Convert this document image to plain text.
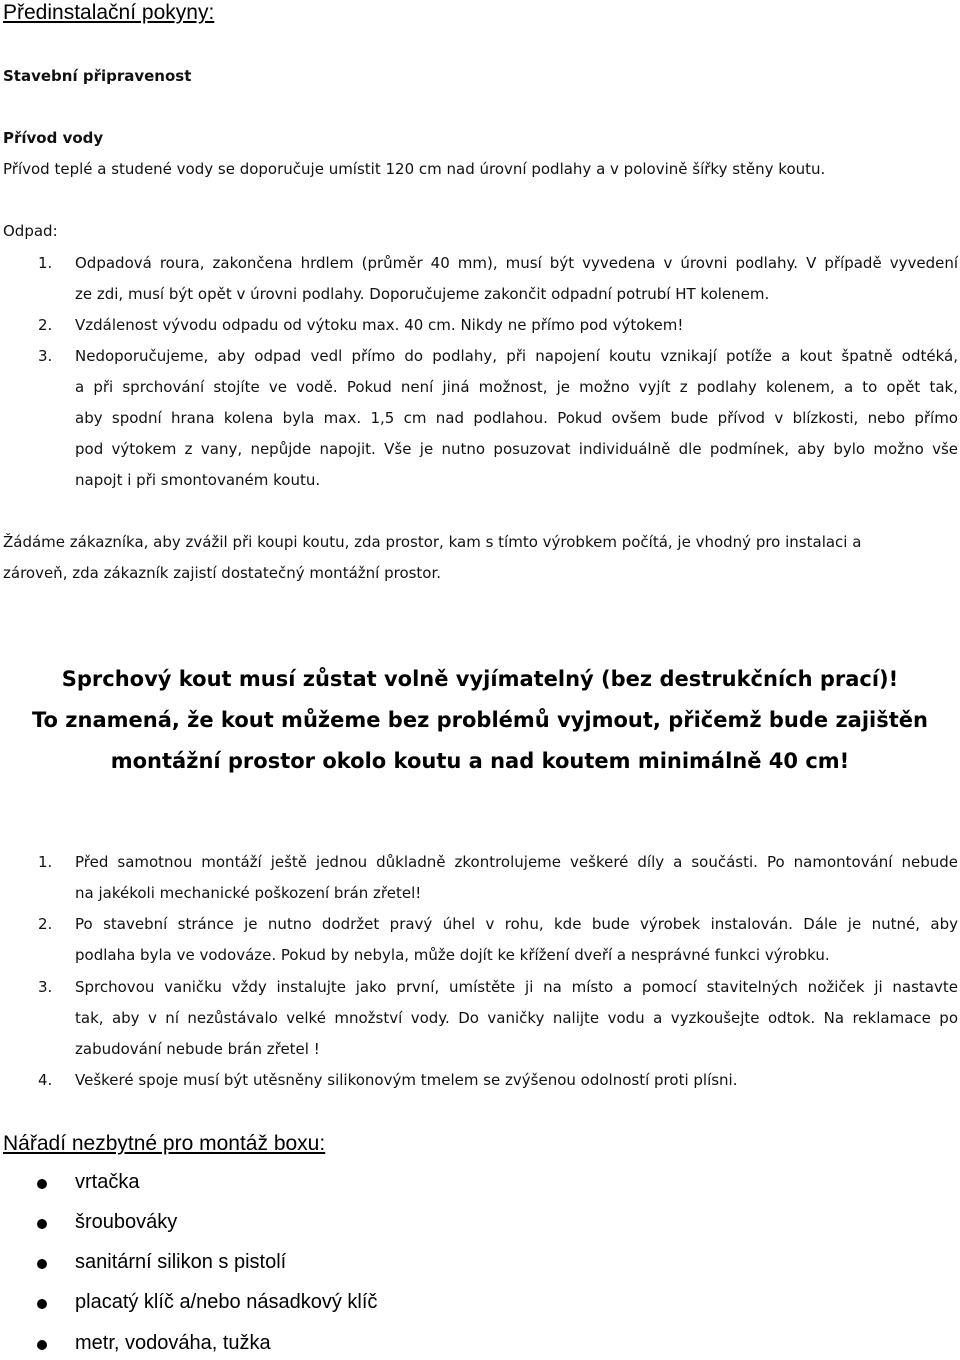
Předinstalační pokyny:
Stavební připravenost
Přívod vody
Přívod teplé a studené vody se doporučuje umístit 120 cm nad úrovní podlahy a v polovině šířky stěny koutu.
Odpad:
1.	Odpadová roura, zakončena hrdlem (průměr 40 mm), musí být vyvedena v úrovni podlahy. V případě vyvedení
ze zdi, musí být opět v úrovni podlahy. Doporučujeme zakončit odpadní potrubí HT kolenem.
2.	Vzdálenost vývodu odpadu od výtoku max. 40 cm. Nikdy ne přímo pod výtokem!
3.	Nedoporučujeme, aby odpad vedl přímo do podlahy, při napojení koutu vznikají potíže a kout špatně odtéká,
a při sprchování stojíte ve vodě. Pokud není jiná možnost, je možno vyjít z podlahy kolenem, a to opět tak,
aby spodní hrana kolena byla max. 1,5 cm nad podlahou. Pokud ovšem bude přívod v blízkosti, nebo přímo
pod výtokem z vany, nepůjde napojit. Vše je nutno posuzovat individuálně dle podmínek, aby bylo možno vše
napojt i při smontovaném koutu.
Žádáme zákazníka, aby zvážil při koupi koutu, zda prostor, kam s tímto výrobkem počítá, je vhodný pro instalaci a
zároveň, zda zákazník zajistí dostatečný montážní prostor.
Sprchový kout musí zůstat volně vyjímatelný (bez destrukčních prací)!
To znamená, že kout můžeme bez problémů vyjmout, přičemž bude zajištěn
montážní prostor okolo koutu a nad koutem minimálně 40 cm!
1.	Před samotnou montáží ještě jednou důkladně zkontrolujeme veškeré díly a součásti. Po namontování nebude
na jakékoli mechanické poškození brán zřetel!
2.	Po stavební stránce je nutno dodržet pravý úhel v rohu, kde bude výrobek instalován. Dále je nutné, aby
podlaha byla ve vodováze. Pokud by nebyla, může dojít ke křížení dveří a nesprávné funkci výrobku.
3.	Sprchovou vaničku vždy instalujte jako první, umístěte ji na místo a pomocí stavitelných nožiček ji nastavte
tak, aby v ní nezůstávalo velké množství vody. Do vaničky nalijte vodu a vyzkoušejte odtok. Na reklamace po
zabudování nebude brán zřetel !
4.	Veškeré spoje musí být utěsněny silikonovým tmelem se zvýšenou odolností proti plísni.
Nářadí nezbytné pro montáž boxu:
vrtačka
šroubováky
sanitární silikon s pistolí
placatý klíč a/nebo násadkový klíč
metr, vodováha, tužka
